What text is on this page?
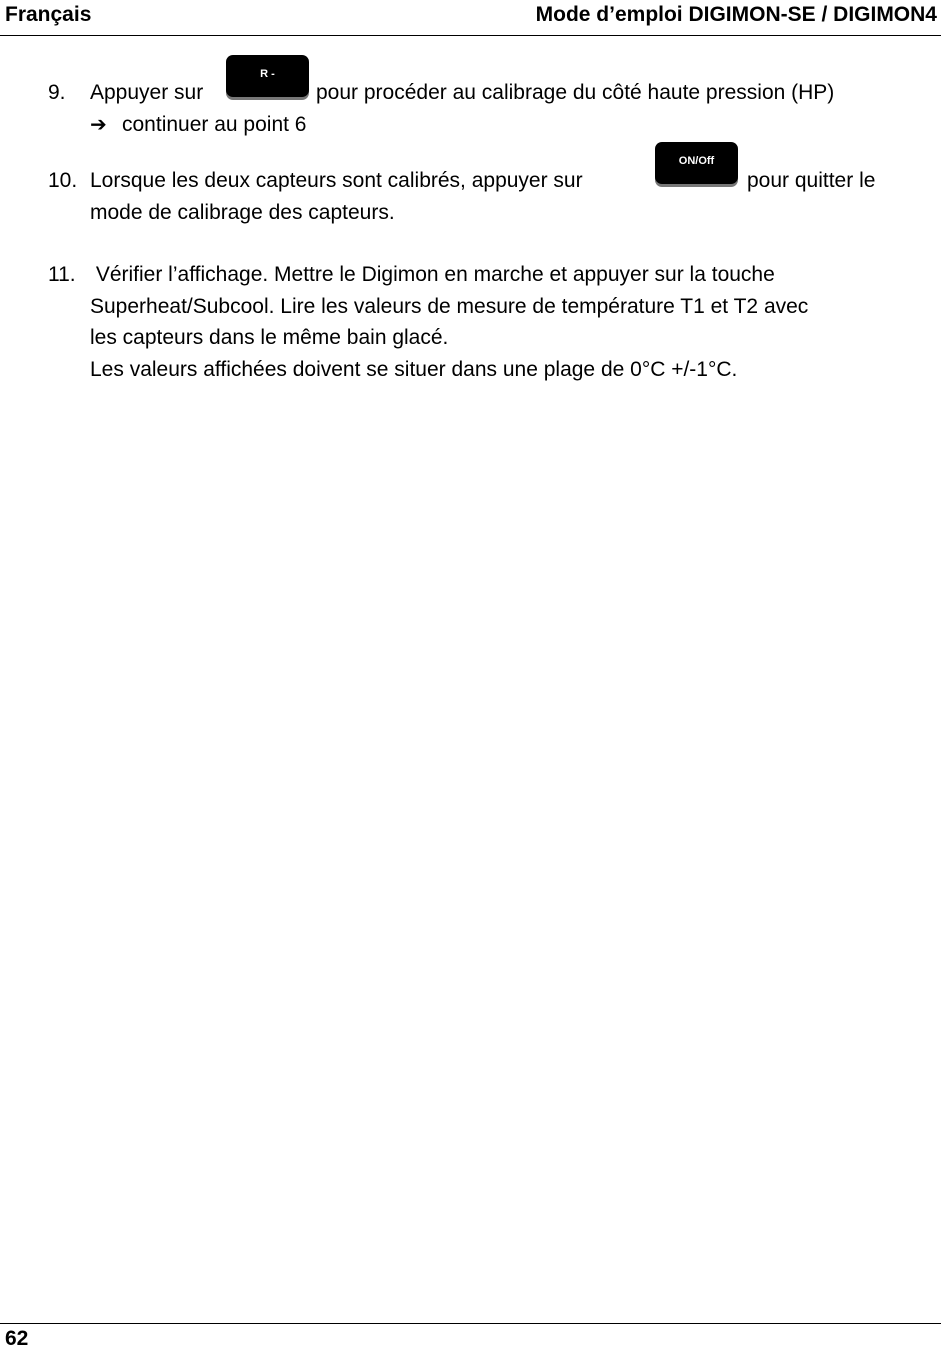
Français	Mode d’emploi DIGIMON-SE / DIGIMON4
9. Appuyer sur
R -
pour procéder au calibrage du côté haute pression (HP)
➔ continuer au point 6
10. Lorsque les deux capteurs sont calibrés, appuyer sur
ON/Off
pour quitter le
mode de calibrage des capteurs.
11. Vérifier l’affichage. Mettre le Digimon en marche et appuyer sur la touche
Superheat/Subcool. Lire les valeurs de mesure de température T1 et T2 avec
les capteurs dans le même bain glacé.
Les valeurs affichées doivent se situer dans une plage de 0°C +/-1°C.
62
